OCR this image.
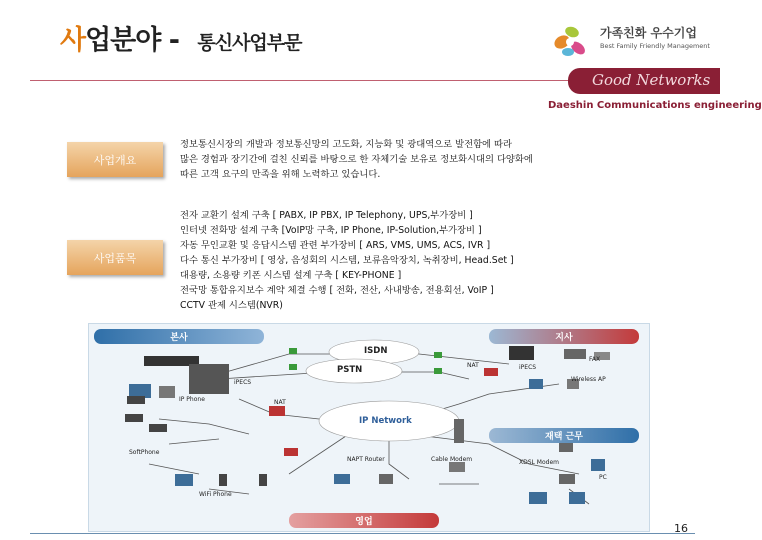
사업분야 - 통신사업부문	가족친화 우수기업
Best Family Friendly Management
Good Networks
Daeshin Communications engineering
사업개요
정보통신시장의 개발과 정보통신망의 고도화, 지능화 및 광대역으로 발전함에 따라
많은 경험과 장기간에 걸친 신뢰를 바탕으로 한 자체기술 보유로 정보화시대의 다양화에
따른 고객 요구의 만족을 위해 노력하고 있습니다.
사업품목
전자 교환기 설계 구축 [ PABX, IP PBX, IP Telephony, UPS,부가장비 ]
인터넷 전화망 설계 구축 [VoIP망 구축, IP Phone, IP-Solution,부가장비 ]
자동 무인교환 및 응답시스템 관련 부가장비 [ ARS, VMS, UMS, ACS, IVR ]
다수 통신 부가장비 [ 영상, 음성회의 시스템, 보류음악장치, 녹취장비, Head.Set ]
대용량, 소용량 키폰 시스템 설계 구축 [ KEY-PHONE ]
전국망 통합유지보수 계약 체결 수행 [ 전화, 전산, 사내방송, 전용회선, VoIP ]
CCTV 관제 시스템(NVR)
본사	지사
재택 근무
영업
ISDN
PSTN
IP Network
iPECS
iPECS
NAT
NAT
IP Phone
FAX
Wireless AP
SoftPhone
WiFi Phone
NAPT Router	Cable Modem	XDSL Modem
PC
16
